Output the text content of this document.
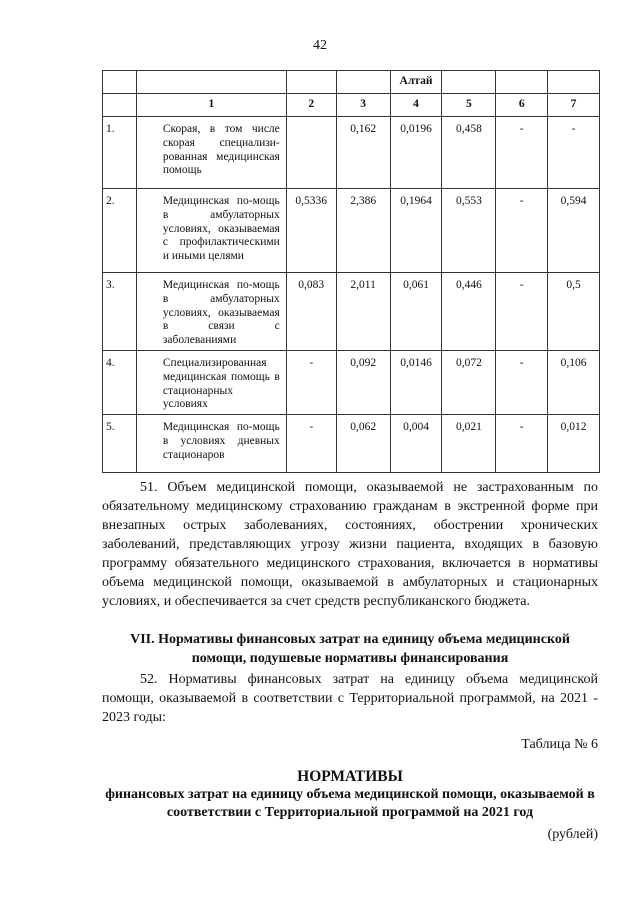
42
				Алтай			
	1	2	3	4	5	6	7
1.	Скорая, в том числе скорая специализи-рованная медицинская помощь		0,162	0,0196	0,458	-	-
2.	Медицинская по-мощь в амбулаторных условиях, оказываемая с профилактическими и иными целями	0,5336	2,386	0,1964	0,553	-	0,594
3.	Медицинская по-мощь в амбулаторных условиях, оказываемая в связи с заболеваниями	0,083	2,011	0,061	0,446	-	0,5
4.	Специализированная медицинская помощь в стационарных условиях	-	0,092	0,0146	0,072	-	0,106
5.	Медицинская по-мощь в условиях дневных стационаров	-	0,062	0,004	0,021	-	0,012
51. Объем медицинской помощи, оказываемой не застрахованным по обязательному медицинскому страхованию гражданам в экстренной форме при внезапных острых заболеваниях, состояниях, обострении хронических заболеваний, представляющих угрозу жизни пациента, входящих в базовую программу обязательного медицинского страхования, включается в нормативы объема медицинской помощи, оказываемой в амбулаторных и стационарных условиях, и обеспечивается за счет средств республиканского бюджета.
VII. Нормативы финансовых затрат на единицу объема медицинской помощи, подушевые нормативы финансирования
52. Нормативы финансовых затрат на единицу объема медицинской помощи, оказываемой в соответствии с Территориальной программой, на 2021 - 2023 годы:
Таблица № 6
НОРМАТИВЫ
финансовых затрат на единицу объема медицинской помощи, оказываемой в соответствии с Территориальной программой на 2021 год
(рублей)
